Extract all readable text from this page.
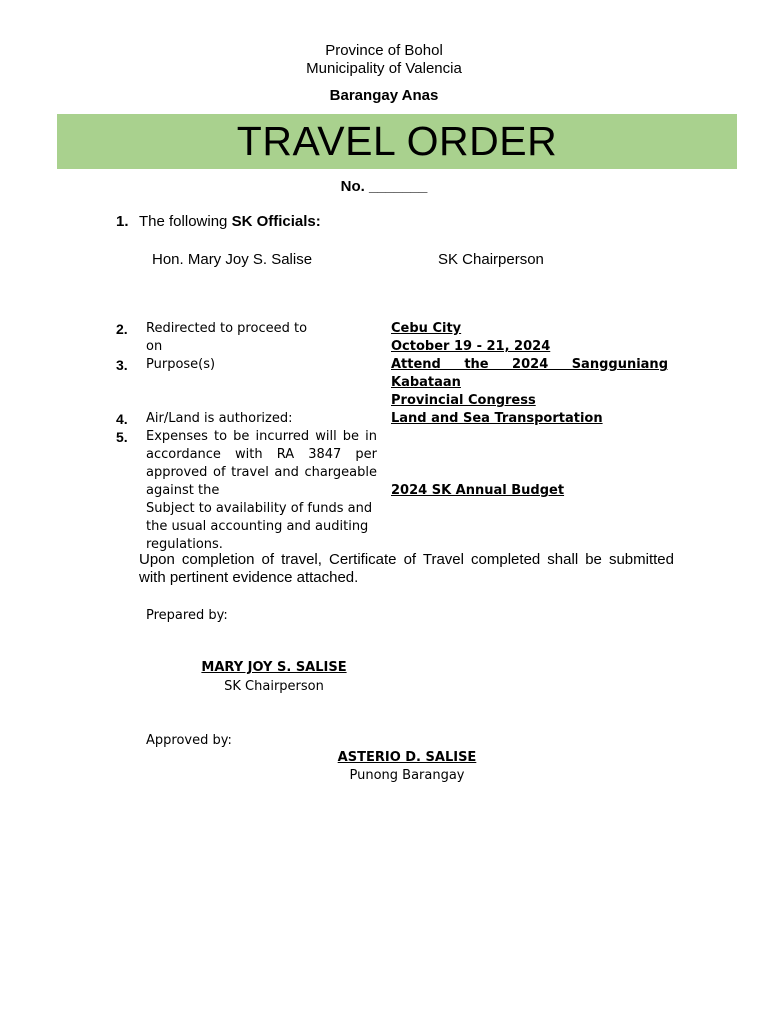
Province of Bohol
Municipality of Valencia
Barangay Anas
TRAVEL ORDER
No. _______
1. The following SK Officials:
Hon. Mary Joy S. Salise	SK Chairperson
2.	Redirected to proceed to	Cebu City
on	October 19 - 21, 2024
3.	Purpose(s)	Attend the 2024 Sangguniang Kabataan
Provincial Congress
4.	Air/Land is authorized:	Land and Sea Transportation
5.	Expenses to be incurred will be in
accordance with RA 3847 per
approved of travel and chargeable
against the	2024 SK Annual Budget
Subject to availability of funds and
the usual accounting and auditing
regulations.
Upon completion of travel, Certificate of Travel completed shall be submitted with pertinent evidence attached.
Prepared by:
MARY JOY S. SALISE
SK Chairperson
Approved by:
ASTERIO D. SALISE
Punong Barangay
